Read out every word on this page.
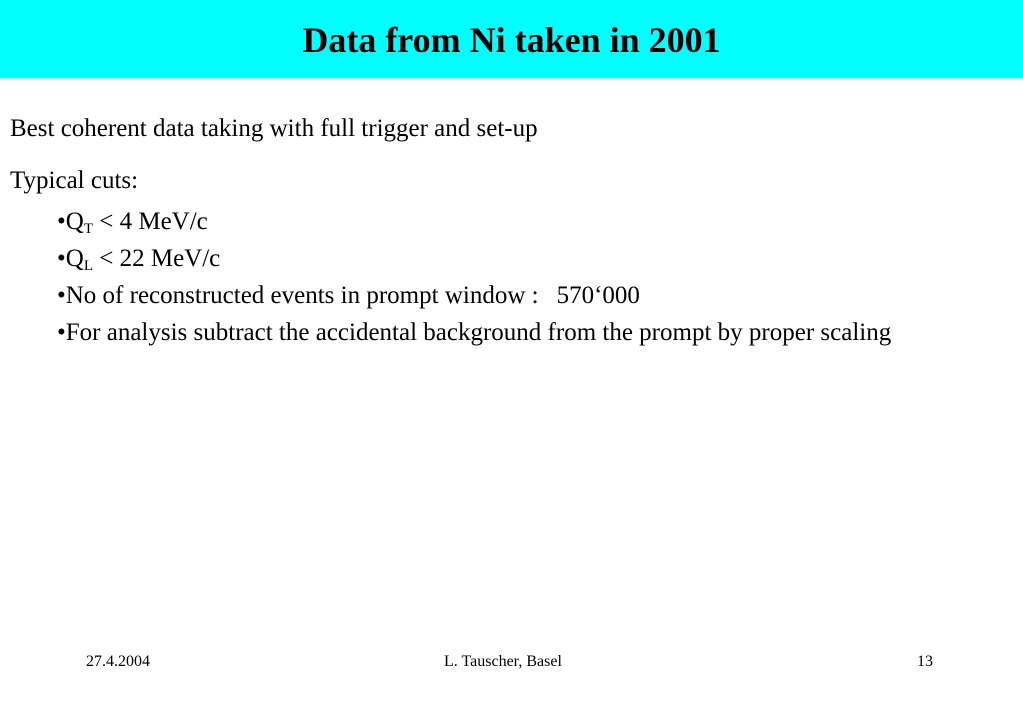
Data from Ni taken in 2001
Best coherent data taking with full trigger and set-up
Typical cuts:
$•Q_T < 4$ MeV/c
$•Q_L < 22$ MeV/c
•No of reconstructed events in prompt window : 570‘000
•For analysis subtract the accidental background from the prompt by proper scaling
27.4.2004	L. Tauscher, Basel	13
